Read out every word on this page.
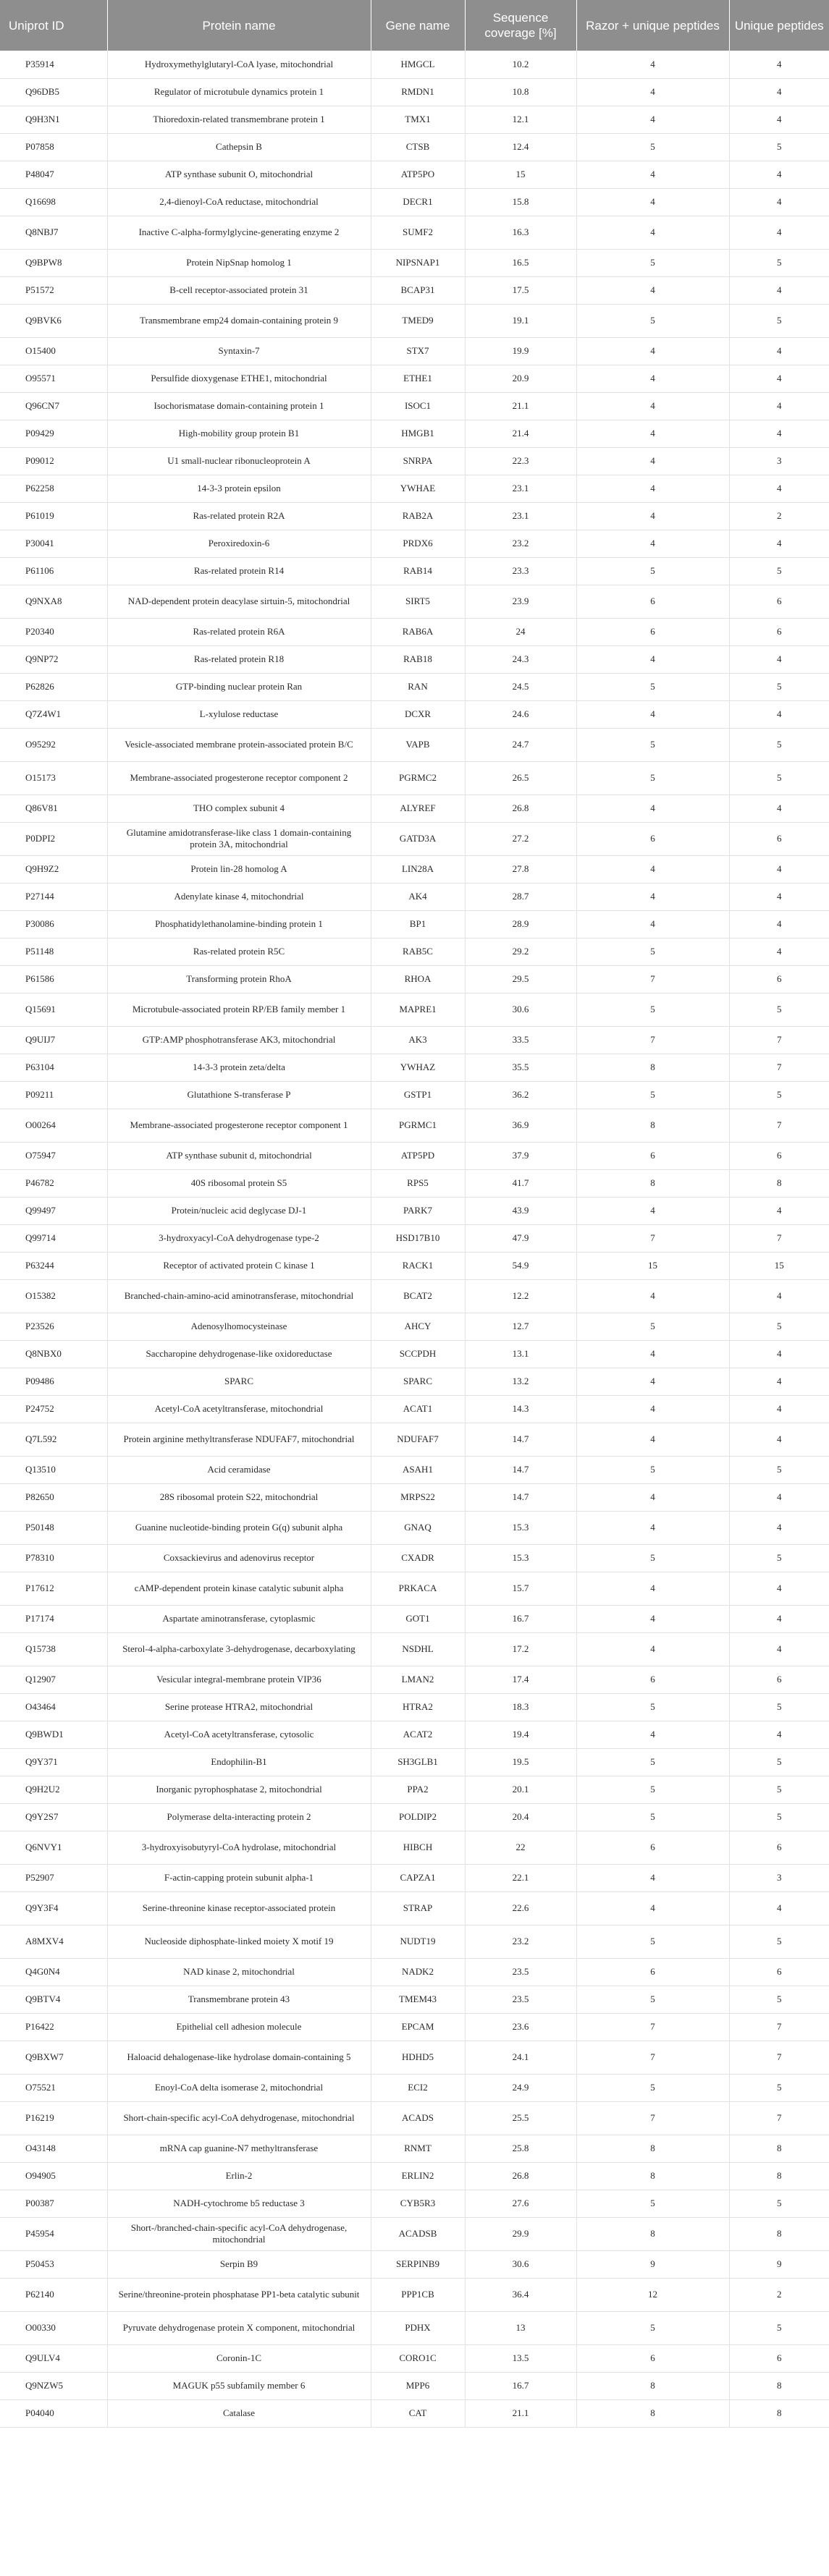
Uniprot ID	Protein name	Gene name	Sequence coverage [%]	Razor + unique peptides	Unique peptides
P35914	Hydroxymethylglutaryl-CoA lyase, mitochondrial	HMGCL	10.2	4	4
Q96DB5	Regulator of microtubule dynamics protein 1	RMDN1	10.8	4	4
Q9H3N1	Thioredoxin-related transmembrane protein 1	TMX1	12.1	4	4
P07858	Cathepsin B	CTSB	12.4	5	5
P48047	ATP synthase subunit O, mitochondrial	ATP5PO	15	4	4
Q16698	2,4-dienoyl-CoA reductase, mitochondrial	DECR1	15.8	4	4
Q8NBJ7	Inactive C-alpha-formylglycine-generating enzyme 2	SUMF2	16.3	4	4
Q9BPW8	Protein NipSnap homolog 1	NIPSNAP1	16.5	5	5
P51572	B-cell receptor-associated protein 31	BCAP31	17.5	4	4
Q9BVK6	Transmembrane emp24 domain-containing protein 9	TMED9	19.1	5	5
O15400	Syntaxin-7	STX7	19.9	4	4
O95571	Persulfide dioxygenase ETHE1, mitochondrial	ETHE1	20.9	4	4
Q96CN7	Isochorismatase domain-containing protein 1	ISOC1	21.1	4	4
P09429	High-mobility group protein B1	HMGB1	21.4	4	4
P09012	U1 small-nuclear ribonucleoprotein A	SNRPA	22.3	4	3
P62258	14-3-3 protein epsilon	YWHAE	23.1	4	4
P61019	Ras-related protein R2A	RAB2A	23.1	4	2
P30041	Peroxiredoxin-6	PRDX6	23.2	4	4
P61106	Ras-related protein R14	RAB14	23.3	5	5
Q9NXA8	NAD-dependent protein deacylase sirtuin-5, mitochondrial	SIRT5	23.9	6	6
P20340	Ras-related protein R6A	RAB6A	24	6	6
Q9NP72	Ras-related protein R18	RAB18	24.3	4	4
P62826	GTP-binding nuclear protein Ran	RAN	24.5	5	5
Q7Z4W1	L-xylulose reductase	DCXR	24.6	4	4
O95292	Vesicle-associated membrane protein-associated protein B/C	VAPB	24.7	5	5
O15173	Membrane-associated progesterone receptor component 2	PGRMC2	26.5	5	5
Q86V81	THO complex subunit 4	ALYREF	26.8	4	4
P0DPI2	Glutamine amidotransferase-like class 1 domain-containing protein 3A, mitochondrial	GATD3A	27.2	6	6
Q9H9Z2	Protein lin-28 homolog A	LIN28A	27.8	4	4
P27144	Adenylate kinase 4, mitochondrial	AK4	28.7	4	4
P30086	Phosphatidylethanolamine-binding protein 1	BP1	28.9	4	4
P51148	Ras-related protein R5C	RAB5C	29.2	5	4
P61586	Transforming protein RhoA	RHOA	29.5	7	6
Q15691	Microtubule-associated protein RP/EB family member 1	MAPRE1	30.6	5	5
Q9UIJ7	GTP:AMP phosphotransferase AK3, mitochondrial	AK3	33.5	7	7
P63104	14-3-3 protein zeta/delta	YWHAZ	35.5	8	7
P09211	Glutathione S-transferase P	GSTP1	36.2	5	5
O00264	Membrane-associated progesterone receptor component 1	PGRMC1	36.9	8	7
O75947	ATP synthase subunit d, mitochondrial	ATP5PD	37.9	6	6
P46782	40S ribosomal protein S5	RPS5	41.7	8	8
Q99497	Protein/nucleic acid deglycase DJ-1	PARK7	43.9	4	4
Q99714	3-hydroxyacyl-CoA dehydrogenase type-2	HSD17B10	47.9	7	7
P63244	Receptor of activated protein C kinase 1	RACK1	54.9	15	15
O15382	Branched-chain-amino-acid aminotransferase, mitochondrial	BCAT2	12.2	4	4
P23526	Adenosylhomocysteinase	AHCY	12.7	5	5
Q8NBX0	Saccharopine dehydrogenase-like oxidoreductase	SCCPDH	13.1	4	4
P09486	SPARC	SPARC	13.2	4	4
P24752	Acetyl-CoA acetyltransferase, mitochondrial	ACAT1	14.3	4	4
Q7L592	Protein arginine methyltransferase NDUFAF7, mitochondrial	NDUFAF7	14.7	4	4
Q13510	Acid ceramidase	ASAH1	14.7	5	5
P82650	28S ribosomal protein S22, mitochondrial	MRPS22	14.7	4	4
P50148	Guanine nucleotide-binding protein G(q) subunit alpha	GNAQ	15.3	4	4
P78310	Coxsackievirus and adenovirus receptor	CXADR	15.3	5	5
P17612	cAMP-dependent protein kinase catalytic subunit alpha	PRKACA	15.7	4	4
P17174	Aspartate aminotransferase, cytoplasmic	GOT1	16.7	4	4
Q15738	Sterol-4-alpha-carboxylate 3-dehydrogenase, decarboxylating	NSDHL	17.2	4	4
Q12907	Vesicular integral-membrane protein VIP36	LMAN2	17.4	6	6
O43464	Serine protease HTRA2, mitochondrial	HTRA2	18.3	5	5
Q9BWD1	Acetyl-CoA acetyltransferase, cytosolic	ACAT2	19.4	4	4
Q9Y371	Endophilin-B1	SH3GLB1	19.5	5	5
Q9H2U2	Inorganic pyrophosphatase 2, mitochondrial	PPA2	20.1	5	5
Q9Y2S7	Polymerase delta-interacting protein 2	POLDIP2	20.4	5	5
Q6NVY1	3-hydroxyisobutyryl-CoA hydrolase, mitochondrial	HIBCH	22	6	6
P52907	F-actin-capping protein subunit alpha-1	CAPZA1	22.1	4	3
Q9Y3F4	Serine-threonine kinase receptor-associated protein	STRAP	22.6	4	4
A8MXV4	Nucleoside diphosphate-linked moiety X motif 19	NUDT19	23.2	5	5
Q4G0N4	NAD kinase 2, mitochondrial	NADK2	23.5	6	6
Q9BTV4	Transmembrane protein 43	TMEM43	23.5	5	5
P16422	Epithelial cell adhesion molecule	EPCAM	23.6	7	7
Q9BXW7	Haloacid dehalogenase-like hydrolase domain-containing 5	HDHD5	24.1	7	7
O75521	Enoyl-CoA delta isomerase 2, mitochondrial	ECI2	24.9	5	5
P16219	Short-chain-specific acyl-CoA dehydrogenase, mitochondrial	ACADS	25.5	7	7
O43148	mRNA cap guanine-N7 methyltransferase	RNMT	25.8	8	8
O94905	Erlin-2	ERLIN2	26.8	8	8
P00387	NADH-cytochrome b5 reductase 3	CYB5R3	27.6	5	5
P45954	Short-/branched-chain-specific acyl-CoA dehydrogenase, mitochondrial	ACADSB	29.9	8	8
P50453	Serpin B9	SERPINB9	30.6	9	9
P62140	Serine/threonine-protein phosphatase PP1-beta catalytic subunit	PPP1CB	36.4	12	2
O00330	Pyruvate dehydrogenase protein X component, mitochondrial	PDHX	13	5	5
Q9ULV4	Coronin-1C	CORO1C	13.5	6	6
Q9NZW5	MAGUK p55 subfamily member 6	MPP6	16.7	8	8
P04040	Catalase	CAT	21.1	8	8
